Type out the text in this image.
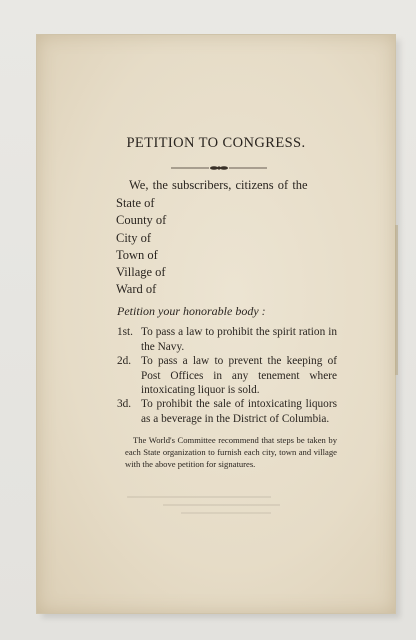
PETITION TO CONGRESS.
We, the subscribers, citizens of the
State of
County of
City of
Town of
Village of
Ward of
Petition your honorable body :
1st. To pass a law to prohibit the spirit ration in the Navy.
2d. To pass a law to prevent the keeping of Post Offices in any tenement where intoxicating liquor is sold.
3d. To prohibit the sale of intoxicating liquors as a beverage in the District of Columbia.
The World's Committee recommend that steps be taken by each State organization to furnish each city, town and village with the above petition for signatures.
